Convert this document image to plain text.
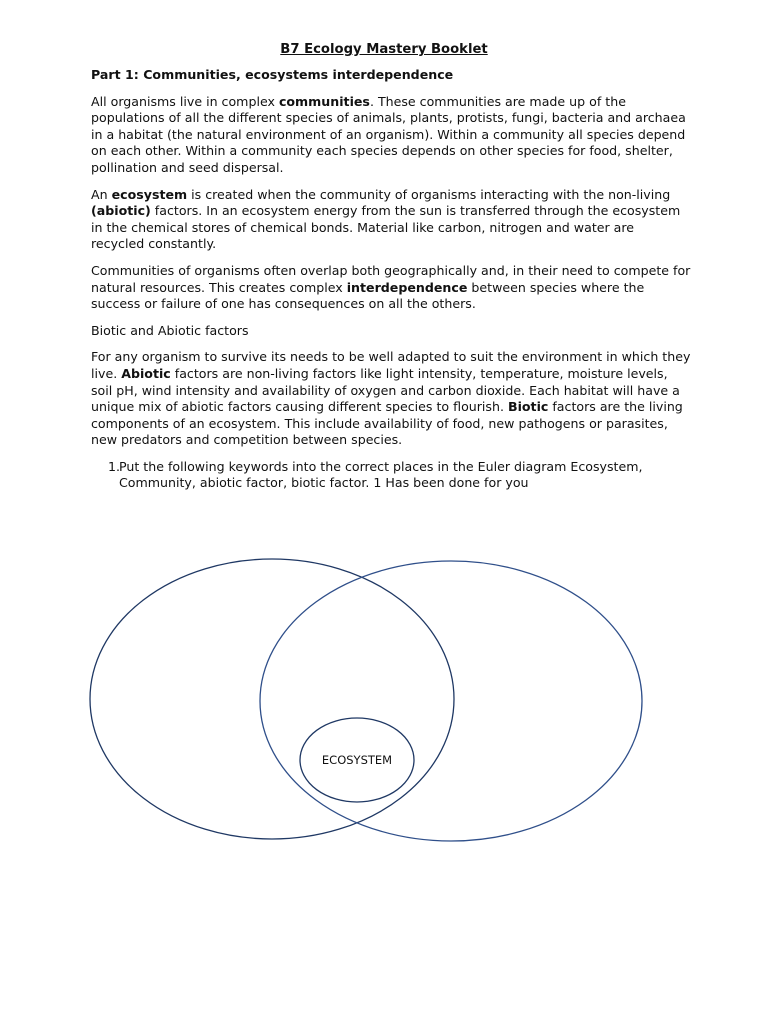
B7 Ecology Mastery Booklet

Part 1: Communities, ecosystems interdependence

All organisms live in complex communities. These communities are made up of the populations of all the different species of animals, plants, protists, fungi, bacteria and archaea in a habitat (the natural environment of an organism). Within a community all species depend on each other. Within a community each species depends on other species for food, shelter, pollination and seed dispersal.

An ecosystem is created when the community of organisms interacting with the non-living (abiotic) factors. In an ecosystem energy from the sun is transferred through the ecosystem in the chemical stores of chemical bonds. Material like carbon, nitrogen and water are recycled constantly.

Communities of organisms often overlap both geographically and, in their need to compete for natural resources. This creates complex interdependence between species where the success or failure of one has consequences on all the others.

Biotic and Abiotic factors

For any organism to survive its needs to be well adapted to suit the environment in which they live. Abiotic factors are non-living factors like light intensity, temperature, moisture levels, soil pH, wind intensity and availability of oxygen and carbon dioxide. Each habitat will have a unique mix of abiotic factors causing different species to flourish. Biotic factors are the living components of an ecosystem. This include availability of food, new pathogens or parasites, new predators and competition between species.

1.
Put the following keywords into the correct places in the Euler diagram Ecosystem, Community, abiotic factor, biotic factor. 1 Has been done for you

ECOSYSTEM
